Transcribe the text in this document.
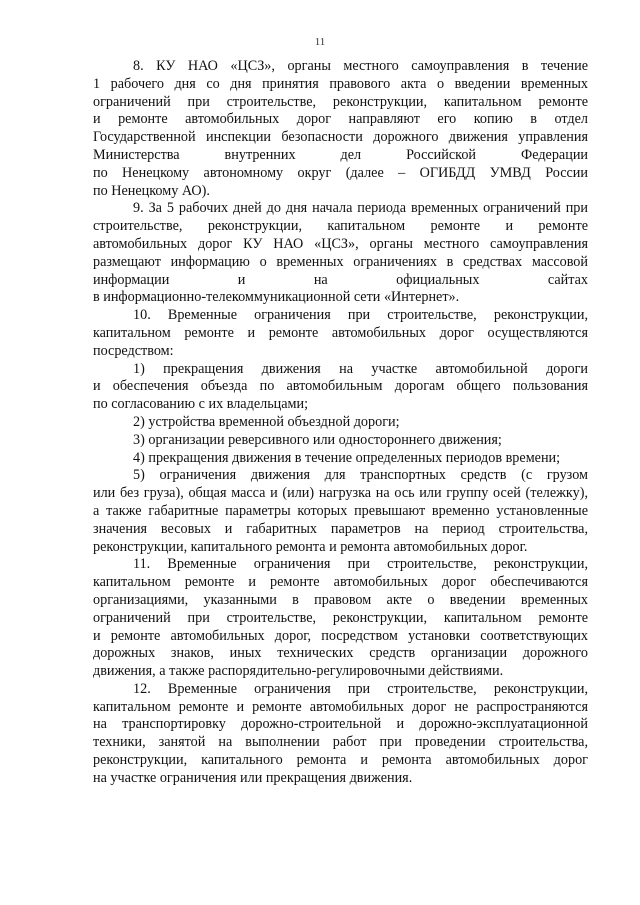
11
8. КУ НАО «ЦСЗ», органы местного самоуправления в течение
1 рабочего дня со дня принятия правового акта о введении временных
ограничений при строительстве, реконструкции, капитальном ремонте
и ремонте автомобильных дорог направляют его копию в отдел
Государственной инспекции безопасности дорожного движения управления
Министерства внутренних дел Российской Федерации
по Ненецкому автономному округ (далее – ОГИБДД УМВД России
по Ненецкому АО).
9. За 5 рабочих дней до дня начала периода временных ограничений при
строительстве, реконструкции, капитальном ремонте и ремонте
автомобильных дорог КУ НАО «ЦСЗ», органы местного самоуправления
размещают информацию о временных ограничениях в средствах массовой
информации и на официальных сайтах
в информационно-телекоммуникационной сети «Интернет».
10. Временные ограничения при строительстве, реконструкции,
капитальном ремонте и ремонте автомобильных дорог осуществляются
посредством:
1) прекращения движения на участке автомобильной дороги
и обеспечения объезда по автомобильным дорогам общего пользования
по согласованию с их владельцами;
2) устройства временной объездной дороги;
3) организации реверсивного или одностороннего движения;
4) прекращения движения в течение определенных периодов времени;
5) ограничения движения для транспортных средств (с грузом
или без груза), общая масса и (или) нагрузка на ось или группу осей (тележку),
а также габаритные параметры которых превышают временно установленные
значения весовых и габаритных параметров на период строительства,
реконструкции, капитального ремонта и ремонта автомобильных дорог.
11. Временные ограничения при строительстве, реконструкции,
капитальном ремонте и ремонте автомобильных дорог обеспечиваются
организациями, указанными в правовом акте о введении временных
ограничений при строительстве, реконструкции, капитальном ремонте
и ремонте автомобильных дорог, посредством установки соответствующих
дорожных знаков, иных технических средств организации дорожного
движения, а также распорядительно-регулировочными действиями.
12. Временные ограничения при строительстве, реконструкции,
капитальном ремонте и ремонте автомобильных дорог не распространяются
на транспортировку дорожно-строительной и дорожно-эксплуатационной
техники, занятой на выполнении работ при проведении строительства,
реконструкции, капитального ремонта и ремонта автомобильных дорог
на участке ограничения или прекращения движения.
